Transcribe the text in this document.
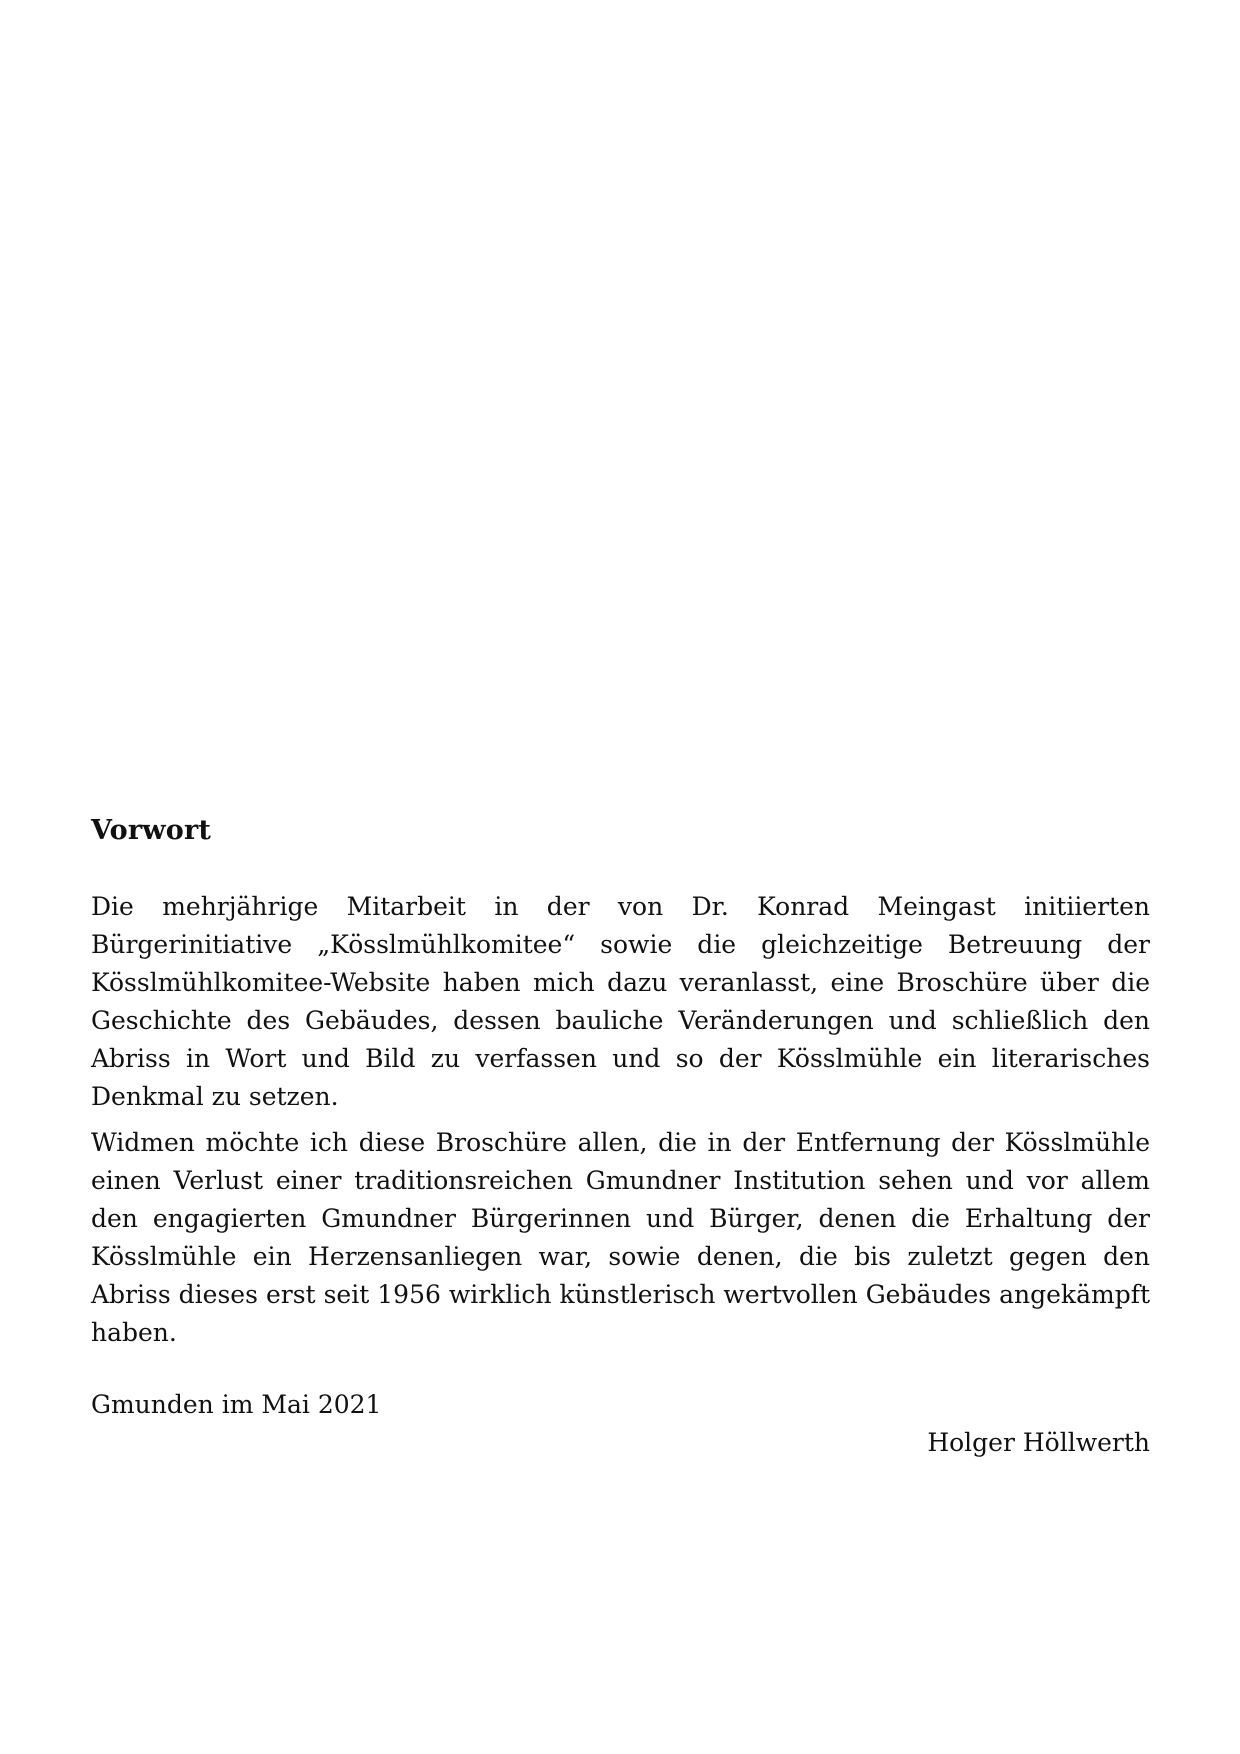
Vorwort

Die mehrjährige Mitarbeit in der von Dr. Konrad Meingast initiierten Bürgerinitiative „Kösslmühlkomitee“ sowie die gleichzeitige Betreuung der Kösslmühlkomitee-Website haben mich dazu veranlasst, eine Broschüre über die Geschichte des Gebäudes, dessen bauliche Veränderungen und schließlich den Abriss in Wort und Bild zu verfassen und so der Kösslmühle ein literarisches Denkmal zu setzen.

Widmen möchte ich diese Broschüre allen, die in der Entfernung der Kösslmühle einen Verlust einer traditionsreichen Gmundner Institution sehen und vor allem den engagierten Gmundner Bürgerinnen und Bürger, denen die Erhaltung der Kösslmühle ein Herzensanliegen war, sowie denen, die bis zuletzt gegen den Abriss dieses erst seit 1956 wirklich künstlerisch wertvollen Gebäudes angekämpft haben.

Gmunden im Mai 2021

Holger Höllwerth
